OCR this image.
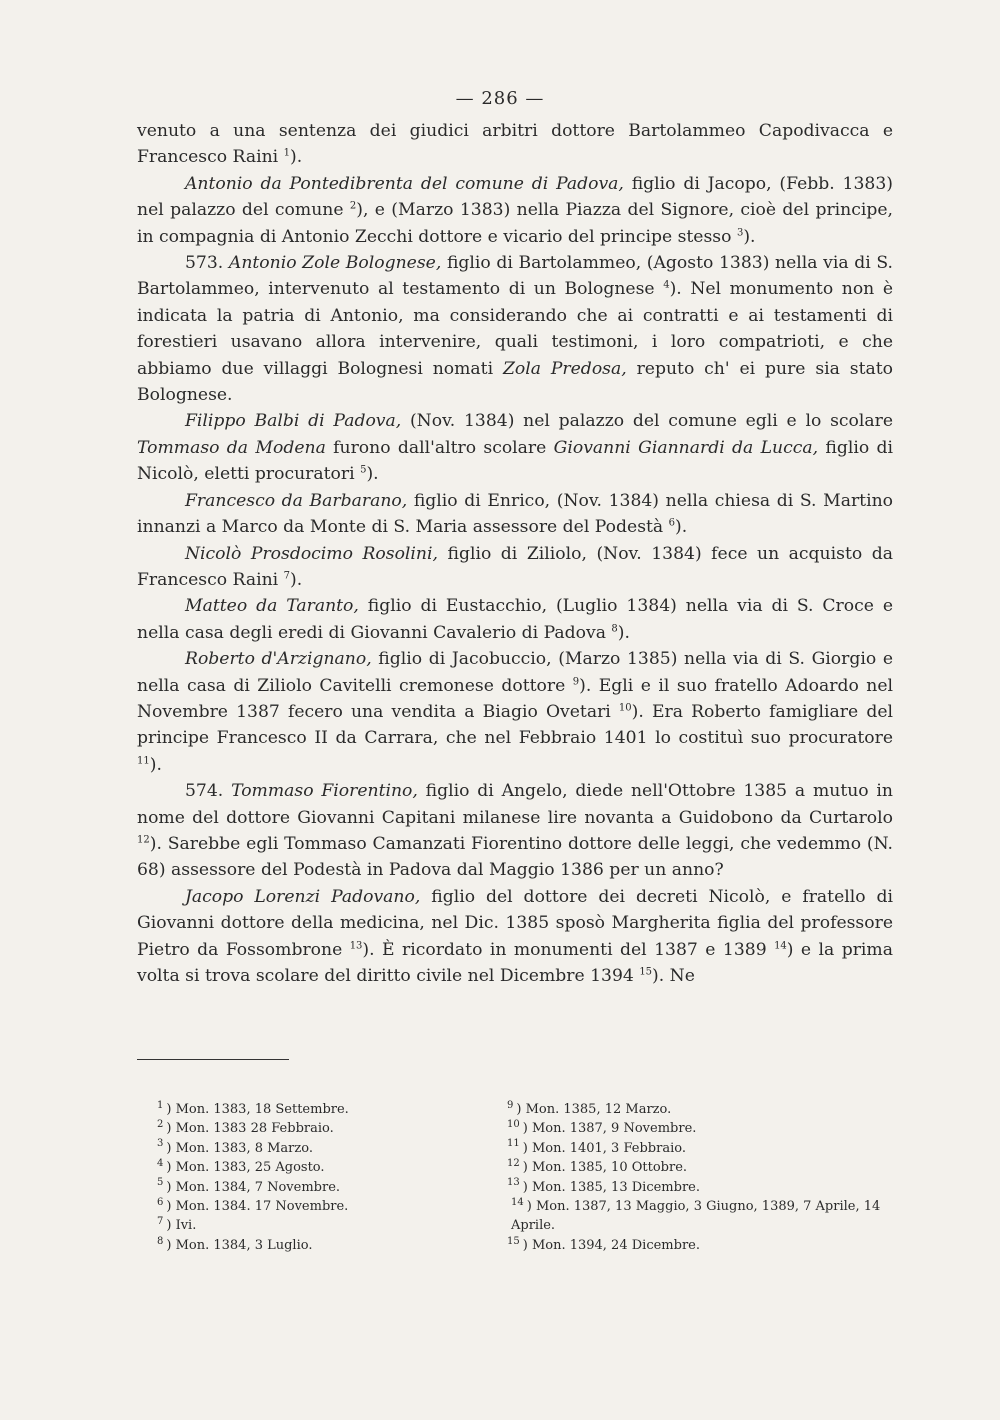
— 286 —

venuto a una sentenza dei giudici arbitri dottore Bartolammeo Capodivacca e Francesco Raini $^1$).

Antonio da Pontedibrenta del comune di Padova, figlio di Jacopo, (Febb. 1383) nel palazzo del comune $^2$), e (Marzo 1383) nella Piazza del Signore, cioè del principe, in compagnia di Antonio Zecchi dottore e vicario del principe stesso $^3$).

573. Antonio Zole Bolognese, figlio di Bartolammeo, (Agosto 1383) nella via di S. Bartolammeo, intervenuto al testamento di un Bolognese $^4$). Nel monumento non è indicata la patria di Antonio, ma considerando che ai contratti e ai testamenti di forestieri usavano allora intervenire, quali testimoni, i loro compatrioti, e che abbiamo due villaggi Bolognesi nomati Zola Predosa, reputo ch' ei pure sia stato Bolognese.

Filippo Balbi di Padova, (Nov. 1384) nel palazzo del comune egli e lo scolare Tommaso da Modena furono dall'altro scolare Giovanni Giannardi da Lucca, figlio di Nicolò, eletti procuratori $^5$).

Francesco da Barbarano, figlio di Enrico, (Nov. 1384) nella chiesa di S. Martino innanzi a Marco da Monte di S. Maria assessore del Podestà $^6$).

Nicolò Prosdocimo Rosolini, figlio di Ziliolo, (Nov. 1384) fece un acquisto da Francesco Raini $^7$).

Matteo da Taranto, figlio di Eustacchio, (Luglio 1384) nella via di S. Croce e nella casa degli eredi di Giovanni Cavalerio di Padova $^8$).

Roberto d'Arzignano, figlio di Jacobuccio, (Marzo 1385) nella via di S. Giorgio e nella casa di Ziliolo Cavitelli cremonese dottore $^9$). Egli e il suo fratello Adoardo nel Novembre 1387 fecero una vendita a Biagio Ovetari $^{10}$). Era Roberto famigliare del principe Francesco II da Carrara, che nel Febbraio 1401 lo costituì suo procuratore $^{11}$).

574. Tommaso Fiorentino, figlio di Angelo, diede nell'Ottobre 1385 a mutuo in nome del dottore Giovanni Capitani milanese lire novanta a Guidobono da Curtarolo $^{12}$). Sarebbe egli Tommaso Camanzati Fiorentino dottore delle leggi, che vedemmo (N. 68) assessore del Podestà in Padova dal Maggio 1386 per un anno?

Jacopo Lorenzi Padovano, figlio del dottore dei decreti Nicolò, e fratello di Giovanni dottore della medicina, nel Dic. 1385 sposò Margherita figlia del professore Pietro da Fossombrone $^{13}$). È ricordato in monumenti del 1387 e 1389 $^{14}$) e la prima volta si trova scolare del diritto civile nel Dicembre 1394 $^{15}$). Ne

$^1$ ) Mon. 1383, 18 Settembre.
$^2$ ) Mon. 1383 28 Febbraio.
$^3$ ) Mon. 1383, 8 Marzo.
$^4$ ) Mon. 1383, 25 Agosto.
$^5$ ) Mon. 1384, 7 Novembre.
$^6$ ) Mon. 1384. 17 Novembre.
$^7$ ) Ivi.
$^8$ ) Mon. 1384, 3 Luglio.
$^9$ ) Mon. 1385, 12 Marzo.
$^{10}$ ) Mon. 1387, 9 Novembre.
$^{11}$ ) Mon. 1401, 3 Febbraio.
$^{12}$ ) Mon. 1385, 10 Ottobre.
$^{13}$ ) Mon. 1385, 13 Dicembre.
$^{14}$ ) Mon. 1387, 13 Maggio, 3 Giugno, 1389, 7 Aprile, 14 Aprile.
$^{15}$ ) Mon. 1394, 24 Dicembre.
